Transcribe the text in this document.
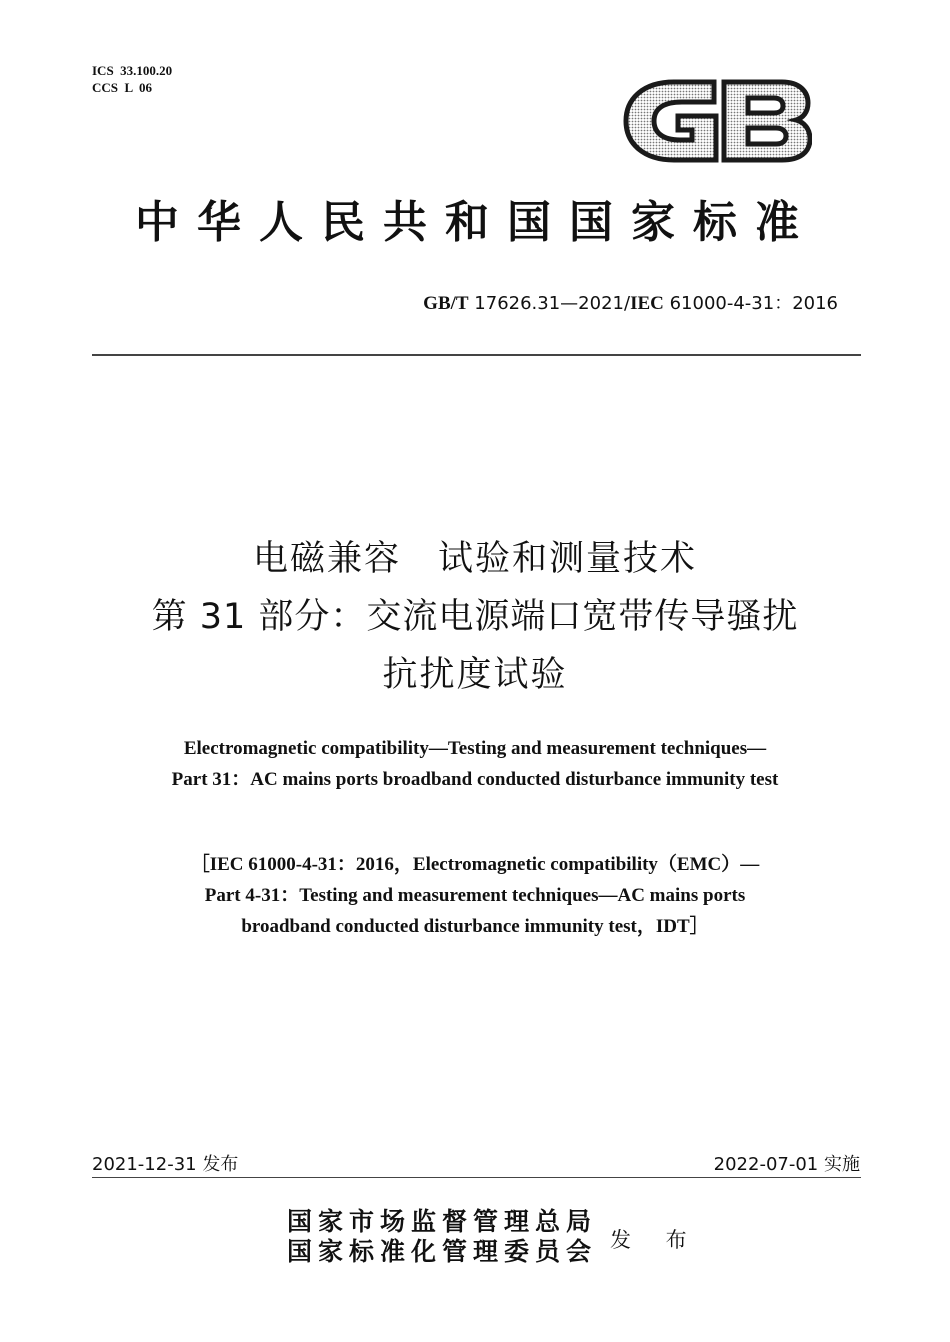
ICS  33.100.20
CCS  L  06
中华人民共和国国家标准
GB/T 17626.31—2021/IEC 61000-4-31：2016
电磁兼容　试验和测量技术
第 31 部分：交流电源端口宽带传导骚扰
抗扰度试验
Electromagnetic compatibility—Testing and measurement techniques—
Part 31：AC mains ports broadband conducted disturbance immunity test
［IEC 61000-4-31：2016，Electromagnetic compatibility（EMC）—
Part 4-31：Testing and measurement techniques—AC mains ports
broadband conducted disturbance immunity test，IDT］
2021-12-31 发布	2022-07-01 实施
国家市场监督管理总局
国家标准化管理委员会 发 布
